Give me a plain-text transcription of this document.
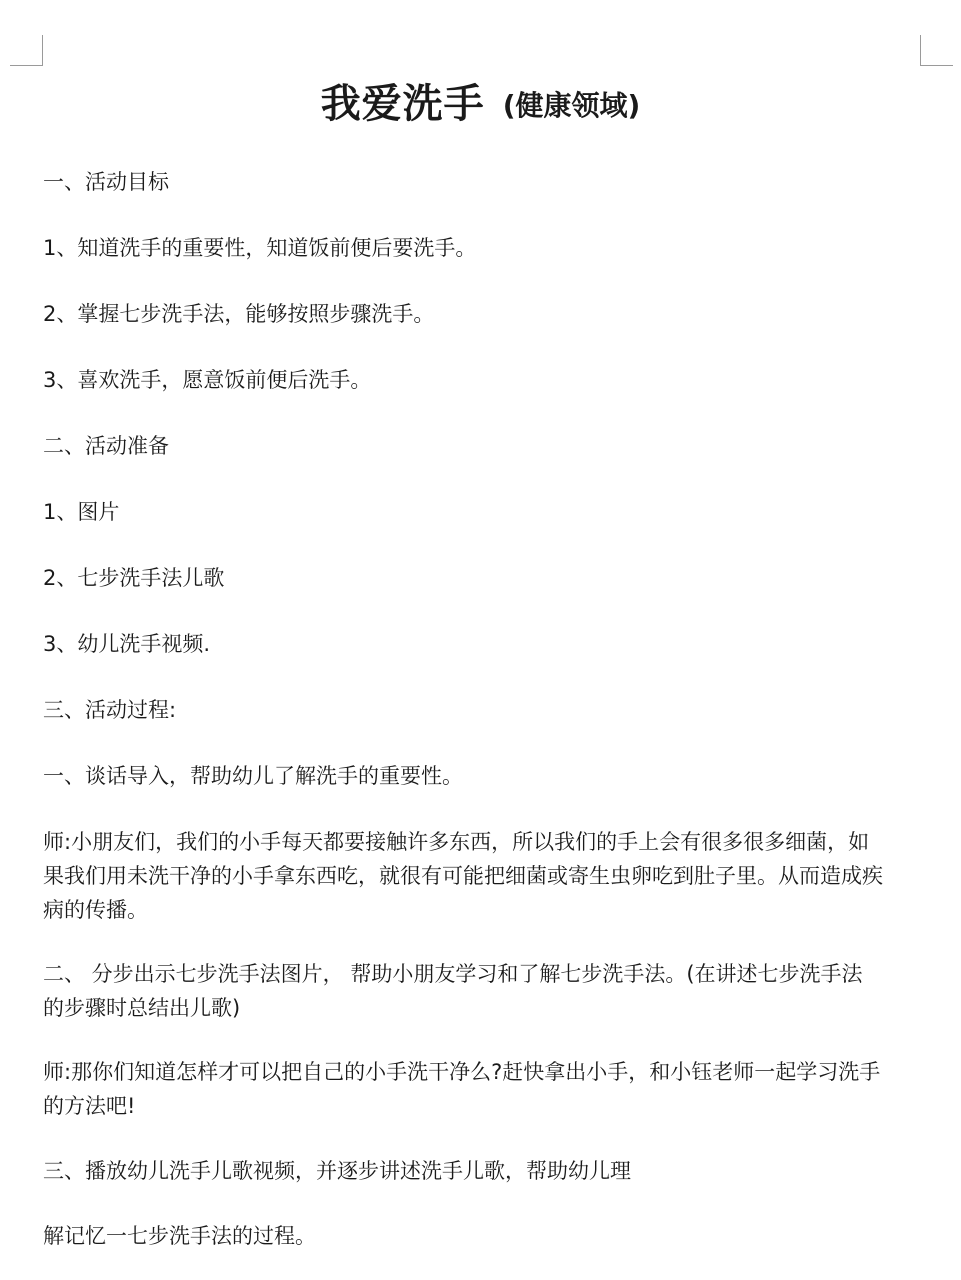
我爱洗手 (健康领域)
一、活动目标
1、知道洗手的重要性，知道饭前便后要洗手。
2、掌握七步洗手法，能够按照步骤洗手。
3、喜欢洗手，愿意饭前便后洗手。
二、活动准备
1、图片
2、七步洗手法儿歌
3、幼儿洗手视频.
三、活动过程:
一、谈话导入，帮助幼儿了解洗手的重要性。
师:小朋友们，我们的小手每天都要接触许多东西，所以我们的手上会有很多很多细菌，如
果我们用未洗干净的小手拿东西吃，就很有可能把细菌或寄生虫卵吃到肚子里。从而造成疾
病的传播。
二、 分步出示七步洗手法图片， 帮助小朋友学习和了解七步洗手法。(在讲述七步洗手法
的步骤时总结出儿歌)
师:那你们知道怎样才可以把自己的小手洗干净么?赶快拿出小手，和小钰老师一起学习洗手
的方法吧!
三、播放幼儿洗手儿歌视频，并逐步讲述洗手儿歌，帮助幼儿理
解记忆一七步洗手法的过程。
